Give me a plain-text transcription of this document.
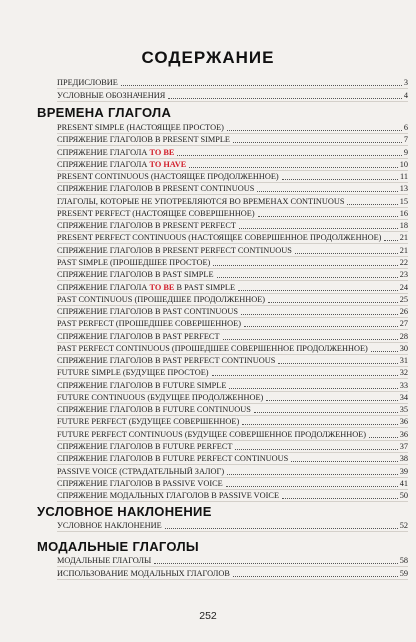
СОДЕРЖАНИЕ
ПРЕДИСЛОВИЕ	3
УСЛОВНЫЕ ОБОЗНАЧЕНИЯ	4
ВРЕМЕНА ГЛАГОЛА
PRESENT SIMPLE (НАСТОЯЩЕЕ ПРОСТОЕ)	6
СПРЯЖЕНИЕ ГЛАГОЛОВ В PRESENT SIMPLE	7
СПРЯЖЕНИЕ ГЛАГОЛА TO BE	9
СПРЯЖЕНИЕ ГЛАГОЛА TO HAVE	10
PRESENT CONTINUOUS (НАСТОЯЩЕЕ ПРОДОЛЖЕННОЕ)	11
СПРЯЖЕНИЕ ГЛАГОЛОВ В PRESENT CONTINUOUS	13
ГЛАГОЛЫ, КОТОРЫЕ НЕ УПОТРЕБЛЯЮТСЯ ВО ВРЕМЕНАХ CONTINUOUS	15
PRESENT PERFECT (НАСТОЯЩЕЕ СОВЕРШЕННОЕ)	16
СПРЯЖЕНИЕ ГЛАГОЛОВ В PRESENT PERFECT	18
PRESENT PERFECT CONTINUOUS (НАСТОЯЩЕЕ СОВЕРШЕННОЕ ПРОДОЛЖЕННОЕ) 21
СПРЯЖЕНИЕ ГЛАГОЛОВ В PRESENT PERFECT CONTINUOUS	21
PAST SIMPLE (ПРОШЕДШЕЕ ПРОСТОЕ)	22
СПРЯЖЕНИЕ ГЛАГОЛОВ В PAST SIMPLE	23
СПРЯЖЕНИЕ ГЛАГОЛА TO BE В PAST SIMPLE	24
PAST CONTINUOUS (ПРОШЕДШЕЕ ПРОДОЛЖЕННОЕ)	25
СПРЯЖЕНИЕ ГЛАГОЛОВ В PAST CONTINUOUS	26
PAST PERFECT (ПРОШЕДШЕЕ СОВЕРШЕННОЕ)	27
СПРЯЖЕНИЕ ГЛАГОЛОВ В PAST PERFECT	28
PAST PERFECT CONTINUOUS (ПРОШЕДШЕЕ СОВЕРШЕННОЕ ПРОДОЛЖЕННОЕ)	30
СПРЯЖЕНИЕ ГЛАГОЛОВ В PAST PERFECT CONTINUOUS	31
FUTURE SIMPLE (БУДУЩЕЕ ПРОСТОЕ)	32
СПРЯЖЕНИЕ ГЛАГОЛОВ В FUTURE SIMPLE	33
FUTURE CONTINUOUS (БУДУЩЕЕ ПРОДОЛЖЕННОЕ)	34
СПРЯЖЕНИЕ ГЛАГОЛОВ В FUTURE CONTINUOUS	35
FUTURE PERFECT (БУДУЩЕЕ СОВЕРШЕННОЕ)	36
FUTURE PERFECT CONTINUOUS (БУДУЩЕЕ СОВЕРШЕННОЕ ПРОДОЛЖЕННОЕ)	36
СПРЯЖЕНИЕ ГЛАГОЛОВ В FUTURE PERFECT	37
СПРЯЖЕНИЕ ГЛАГОЛОВ В FUTURE PERFECT CONTINUOUS	38
PASSIVE VOICE (СТРАДАТЕЛЬНЫЙ ЗАЛОГ)	39
СПРЯЖЕНИЕ ГЛАГОЛОВ В PASSIVE VOICE	41
СПРЯЖЕНИЕ МОДАЛЬНЫХ ГЛАГОЛОВ В PASSIVE VOICE	50
УСЛОВНОЕ НАКЛОНЕНИЕ
УСЛОВНОЕ НАКЛОНЕНИЕ	52
МОДАЛЬНЫЕ ГЛАГОЛЫ
МОДАЛЬНЫЕ ГЛАГОЛЫ	58
ИСПОЛЬЗОВАНИЕ МОДАЛЬНЫХ ГЛАГОЛОВ	59
252
